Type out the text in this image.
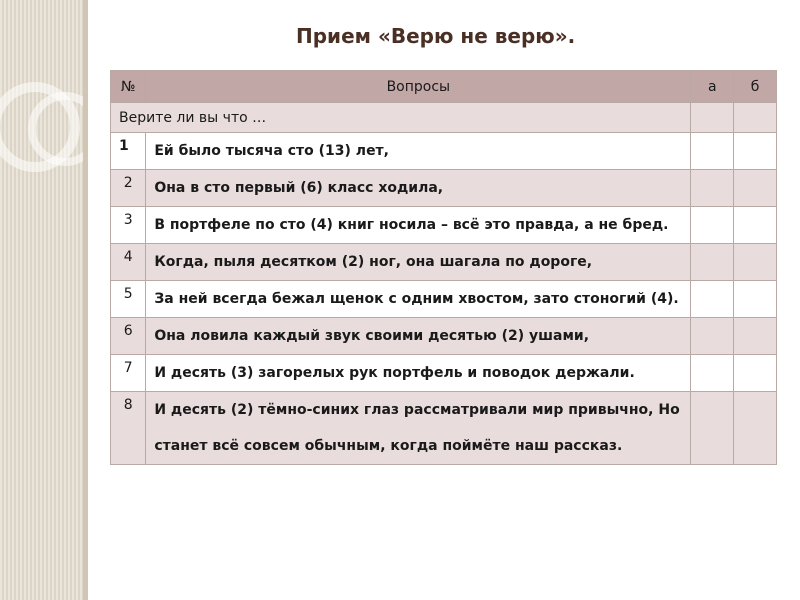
Прием «Верю не верю».
№	Вопросы	а	б
Верите ли вы что …			
1	Ей было тысяча сто (13) лет,		
2	Она в сто первый (6) класс ходила,		
3	В портфеле по сто (4) книг носила – всё это правда, а не бред.		
4	Когда, пыля десятком (2) ног, она шагала по дороге,		
5	За ней всегда бежал щенок с одним хвостом, зато стоногий (4).		
6	Она ловила каждый звук своими десятью (2) ушами,		
7	И десять (3) загорелых рук портфель и поводок держали.		
8	И десять (2) тёмно-синих глаз рассматривали мир привычно, Но станет всё совсем обычным, когда поймёте наш рассказ.		
